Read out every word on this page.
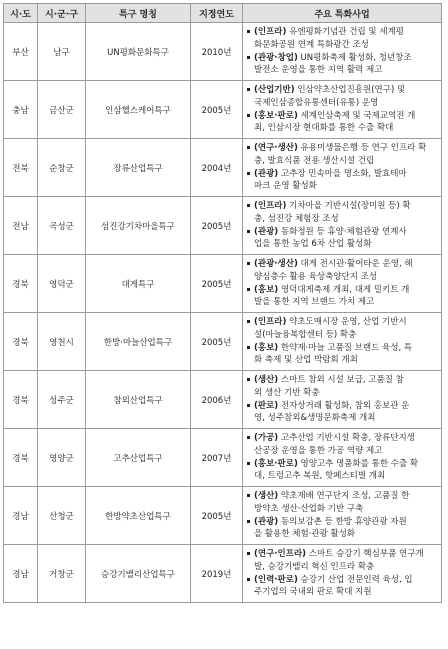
시·도	시·군·구	특구 명칭	지정연도	주요 특화사업
부산	남구	UN평화문화특구	2010년	(인프라) 유엔평화기념관 건립 및 세계평
화문화공원 연계 특화광간 조성
(관광·창업) UN평화축제 활성화, 청년창조
발전소 운영을 통한 지역 활력 제고

충남	금산군	인삼헬스케어특구	2005년	(산업기반) 인삼약초산업진흥원(연구) 및
국제인삼종합유통센터(유통) 운영
(홍보·판로) 세계인삼축제 및 국제교역전 개
최, 인삼시장 현대화를 통한 수출 확대

전북	순창군	장류산업특구	2004년	(연구·생산) 유용미생물은행 등 연구 인프라 확
충, 발효식품 전용 생산시설 건립
(관광) 고추장 민속마을 명소화, 발효테마
파크 운영 활성화

전남	곡성군	섬진강기차마을특구	2005년	(인프라) 기차마을 기반시설(장미원 등) 확
충, 섬진강 체험장 조성
(관광) 동화정원 등 휴양·체험관광 연계사
업을 통한 농업 6차 산업 활성화

경북	영덕군	대게특구	2005년	(관광·생산) 대게 전시관·활어타운 운영, 해
양심층수 활용 육상축양단지 조성
(홍보) 영덕대게축제 개최, 대게 밀키트 개
발을 통한 지역 브랜드 가치 제고

경북	영천시	한방·마늘산업특구	2005년	(인프라) 약초도매시장 운영, 산업 기반시
설(마늘융복합센터 등) 확충
(홍보) 한약재·마늘 고품질 브랜드 육성, 특
화 축제 및 산업 박람회 개최

경북	성주군	참외산업특구	2006년	(생산) 스마트 참외 시설 보급, 고품질 참
외 생산 기반 확충
(판로) 전자상거래 활성화, 참외 홍보관 운
영, 성주참외&생명문화축제 개최

경북	영양군	고추산업특구	2007년	(가공) 고추산업 기반시설 확충, 장류단지생
산공장 운영을 통한 가공 역량 제고
(홍보·판로) 영양고추 명품화를 통한 수출 확
대, 트렁고추 복원, 핫페스티벌 개최

경남	산청군	한방약초산업특구	2005년	(생산) 약초재배 연구단지 조성, 고품질 한
방약초 생산·산업화 기반 구축
(관광) 동의보감촌 등 한방 휴양관광 자원
을 활용한 체험·관광 활성화

경남	거창군	승강기밸리산업특구	2019년	(연구·인프라) 스마트 승강기 핵심부품 연구개
발, 승강기밸리 혁신 인프라 확충
(인력·판로) 승강기 산업 전문인력 육성, 입
주기업의 국내외 판로 확대 지원
